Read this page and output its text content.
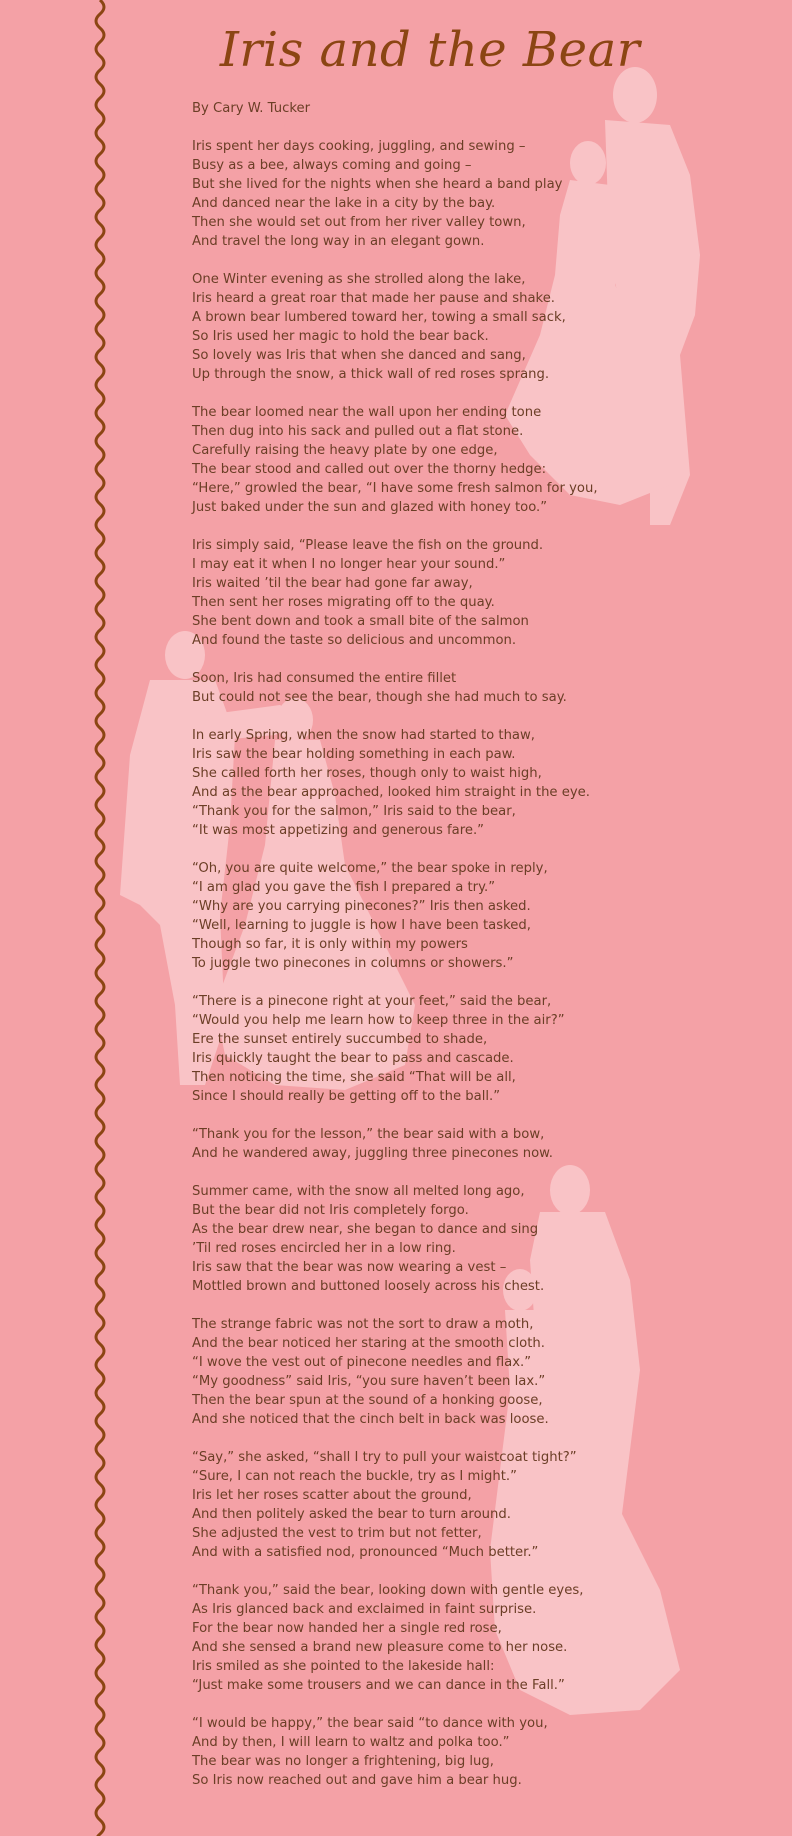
Iris and the Bear

By Cary W. Tucker

Iris spent her days cooking, juggling, and sewing –
Busy as a bee, always coming and going –
But she lived for the nights when she heard a band play
And danced near the lake in a city by the bay.
Then she would set out from her river valley town,
And travel the long way in an elegant gown.
One Winter evening as she strolled along the lake,
Iris heard a great roar that made her pause and shake.
A brown bear lumbered toward her, towing a small sack,
So Iris used her magic to hold the bear back.
So lovely was Iris that when she danced and sang,
Up through the snow, a thick wall of red roses sprang.
The bear loomed near the wall upon her ending tone
Then dug into his sack and pulled out a flat stone.
Carefully raising the heavy plate by one edge,
The bear stood and called out over the thorny hedge:
“Here,” growled the bear, “I have some fresh salmon for you,
Just baked under the sun and glazed with honey too.”
Iris simply said, “Please leave the fish on the ground.
I may eat it when I no longer hear your sound.”
Iris waited ’til the bear had gone far away,
Then sent her roses migrating off to the quay.
She bent down and took a small bite of the salmon
And found the taste so delicious and uncommon.
Soon, Iris had consumed the entire fillet
But could not see the bear, though she had much to say.
In early Spring, when the snow had started to thaw,
Iris saw the bear holding something in each paw.
She called forth her roses, though only to waist high,
And as the bear approached, looked him straight in the eye.
“Thank you for the salmon,” Iris said to the bear,
“It was most appetizing and generous fare.”
“Oh, you are quite welcome,” the bear spoke in reply,
“I am glad you gave the fish I prepared a try.”
“Why are you carrying pinecones?” Iris then asked.
“Well, learning to juggle is how I have been tasked,
Though so far, it is only within my powers
To juggle two pinecones in columns or showers.”
“There is a pinecone right at your feet,” said the bear,
“Would you help me learn how to keep three in the air?”
Ere the sunset entirely succumbed to shade,
Iris quickly taught the bear to pass and cascade.
Then noticing the time, she said “That will be all,
Since I should really be getting off to the ball.”
“Thank you for the lesson,” the bear said with a bow,
And he wandered away, juggling three pinecones now.
Summer came, with the snow all melted long ago,
But the bear did not Iris completely forgo.
As the bear drew near, she began to dance and sing
’Til red roses encircled her in a low ring.
Iris saw that the bear was now wearing a vest –
Mottled brown and buttoned loosely across his chest.
The strange fabric was not the sort to draw a moth,
And the bear noticed her staring at the smooth cloth.
“I wove the vest out of pinecone needles and flax.”
“My goodness” said Iris, “you sure haven’t been lax.”
Then the bear spun at the sound of a honking goose,
And she noticed that the cinch belt in back was loose.
“Say,” she asked, “shall I try to pull your waistcoat tight?”
“Sure, I can not reach the buckle, try as I might.”
Iris let her roses scatter about the ground,
And then politely asked the bear to turn around.
She adjusted the vest to trim but not fetter,
And with a satisfied nod, pronounced “Much better.”
“Thank you,” said the bear, looking down with gentle eyes,
As Iris glanced back and exclaimed in faint surprise.
For the bear now handed her a single red rose,
And she sensed a brand new pleasure come to her nose.
Iris smiled as she pointed to the lakeside hall:
“Just make some trousers and we can dance in the Fall.”
“I would be happy,” the bear said “to dance with you,
And by then, I will learn to waltz and polka too.”
The bear was no longer a frightening, big lug,
So Iris now reached out and gave him a bear hug.
